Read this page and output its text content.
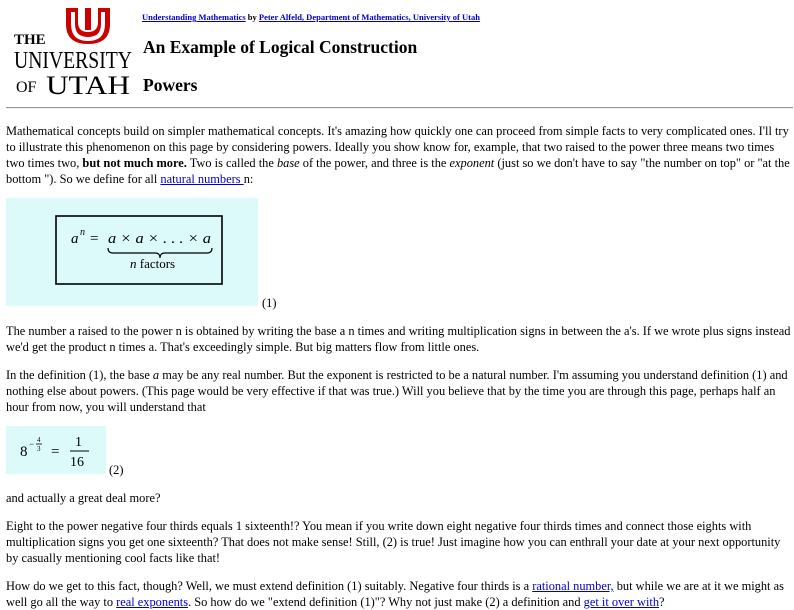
THE
UNIVERSITY
OF UTAH
Understanding Mathematics by Peter Alfeld, Department of Mathematics, University of Utah
An Example of Logical Construction
Powers

Mathematical concepts build on simpler mathematical concepts. It's amazing how quickly one can proceed from simple facts to very complicated ones. I'll try to illustrate this phenomenon on this page by considering powers. Ideally you show know for, example, that two raised to the power three means two times two times two, but not much more. Two is called the base of the power, and three is the exponent (just so we don't have to say "the number on top" or "at the bottom "). So we define for all natural numbers n:

a n = a × a × . . . × a
n factors
(1)

The number a raised to the power n is obtained by writing the base a n times and writing multiplication signs in between the a's. If we wrote plus signs instead we'd get the product n times a. That's exceedingly simple. But big matters flow from little ones.

In the definition (1), the base a may be any real number. But the exponent is restricted to be a natural number. I'm assuming you understand definition (1) and nothing else about powers. (This page would be very effective if that was true.) Will you believe that by the time you are through this page, perhaps half an hour from now, you will understand that

8 − 4
3 =
1
16 (2)

and actually a great deal more?

Eight to the power negative four thirds equals 1 sixteenth!? You mean if you write down eight negative four thirds times and connect those eights with multiplication signs you get one sixteenth? That does not make sense! Still, (2) is true! Just imagine how you can enthrall your date at your next opportunity by casually mentioning cool facts like that!

How do we get to this fact, though? Well, we must extend definition (1) suitably. Negative four thirds is a rational number, but while we are at it we might as well go all the way to real exponents. So how do we "extend definition (1)"? Why not just make (2) a definition and get it over with?
